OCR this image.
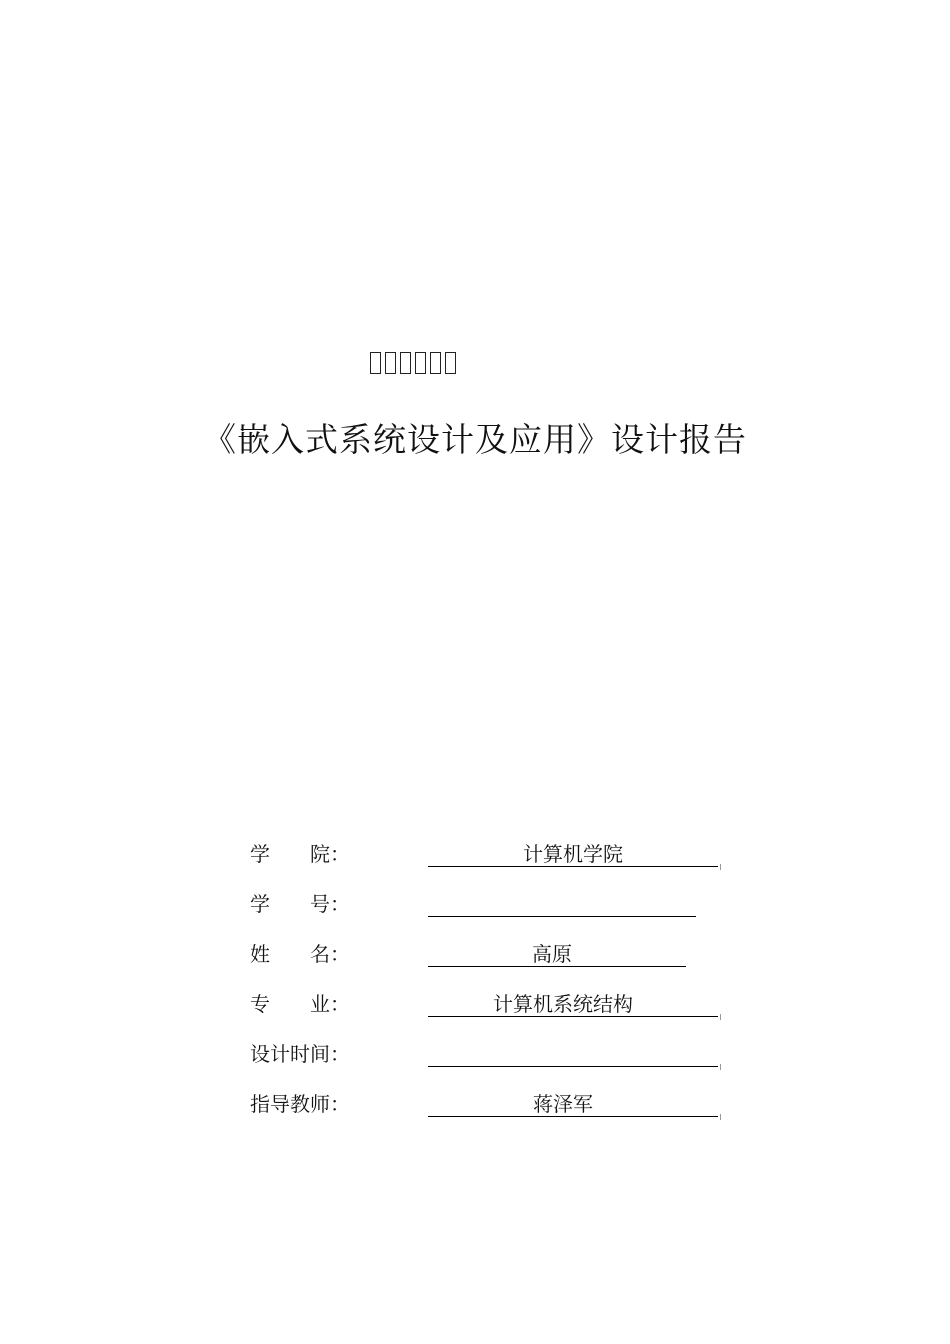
《嵌入式系统设计及应用》设计报告
学　　院：	计算机学院
学　　号：
姓　　名：	高原
专　　业：	计算机系统结构
设计时间：
指导教师：	蒋泽军
